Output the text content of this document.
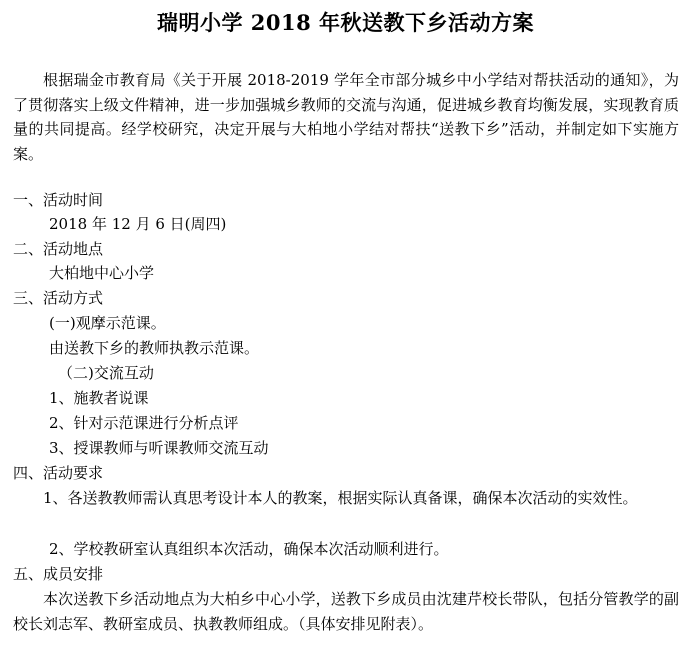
瑞明小学 2018 年秋送教下乡活动方案

根据瑞金市教育局《关于开展 2018-2019 学年全市部分城乡中小学结对帮扶活动的通知》，为了贯彻落实上级文件精神，进一步加强城乡教师的交流与沟通，促进城乡教育均衡发展，实现教育质量的共同提高。经学校研究，决定开展与大柏地小学结对帮扶“送教下乡”活动，并制定如下实施方案。

一、活动时间
2018 年 12 月 6 日(周四)
二、活动地点
大柏地中心小学
三、活动方式
(一)观摩示范课。
由送教下乡的教师执教示范课。
（二)交流互动
1、施教者说课
2、针对示范课进行分析点评
3、授课教师与听课教师交流互动
四、活动要求

1、各送教教师需认真思考设计本人的教案，根据实际认真备课，确保本次活动的实效性。

2、学校教研室认真组织本次活动，确保本次活动顺利进行。
五、成员安排

本次送教下乡活动地点为大柏乡中心小学，送教下乡成员由沈建芹校长带队，包括分管教学的副校长刘志军、教研室成员、执教教师组成。（具体安排见附表）。
